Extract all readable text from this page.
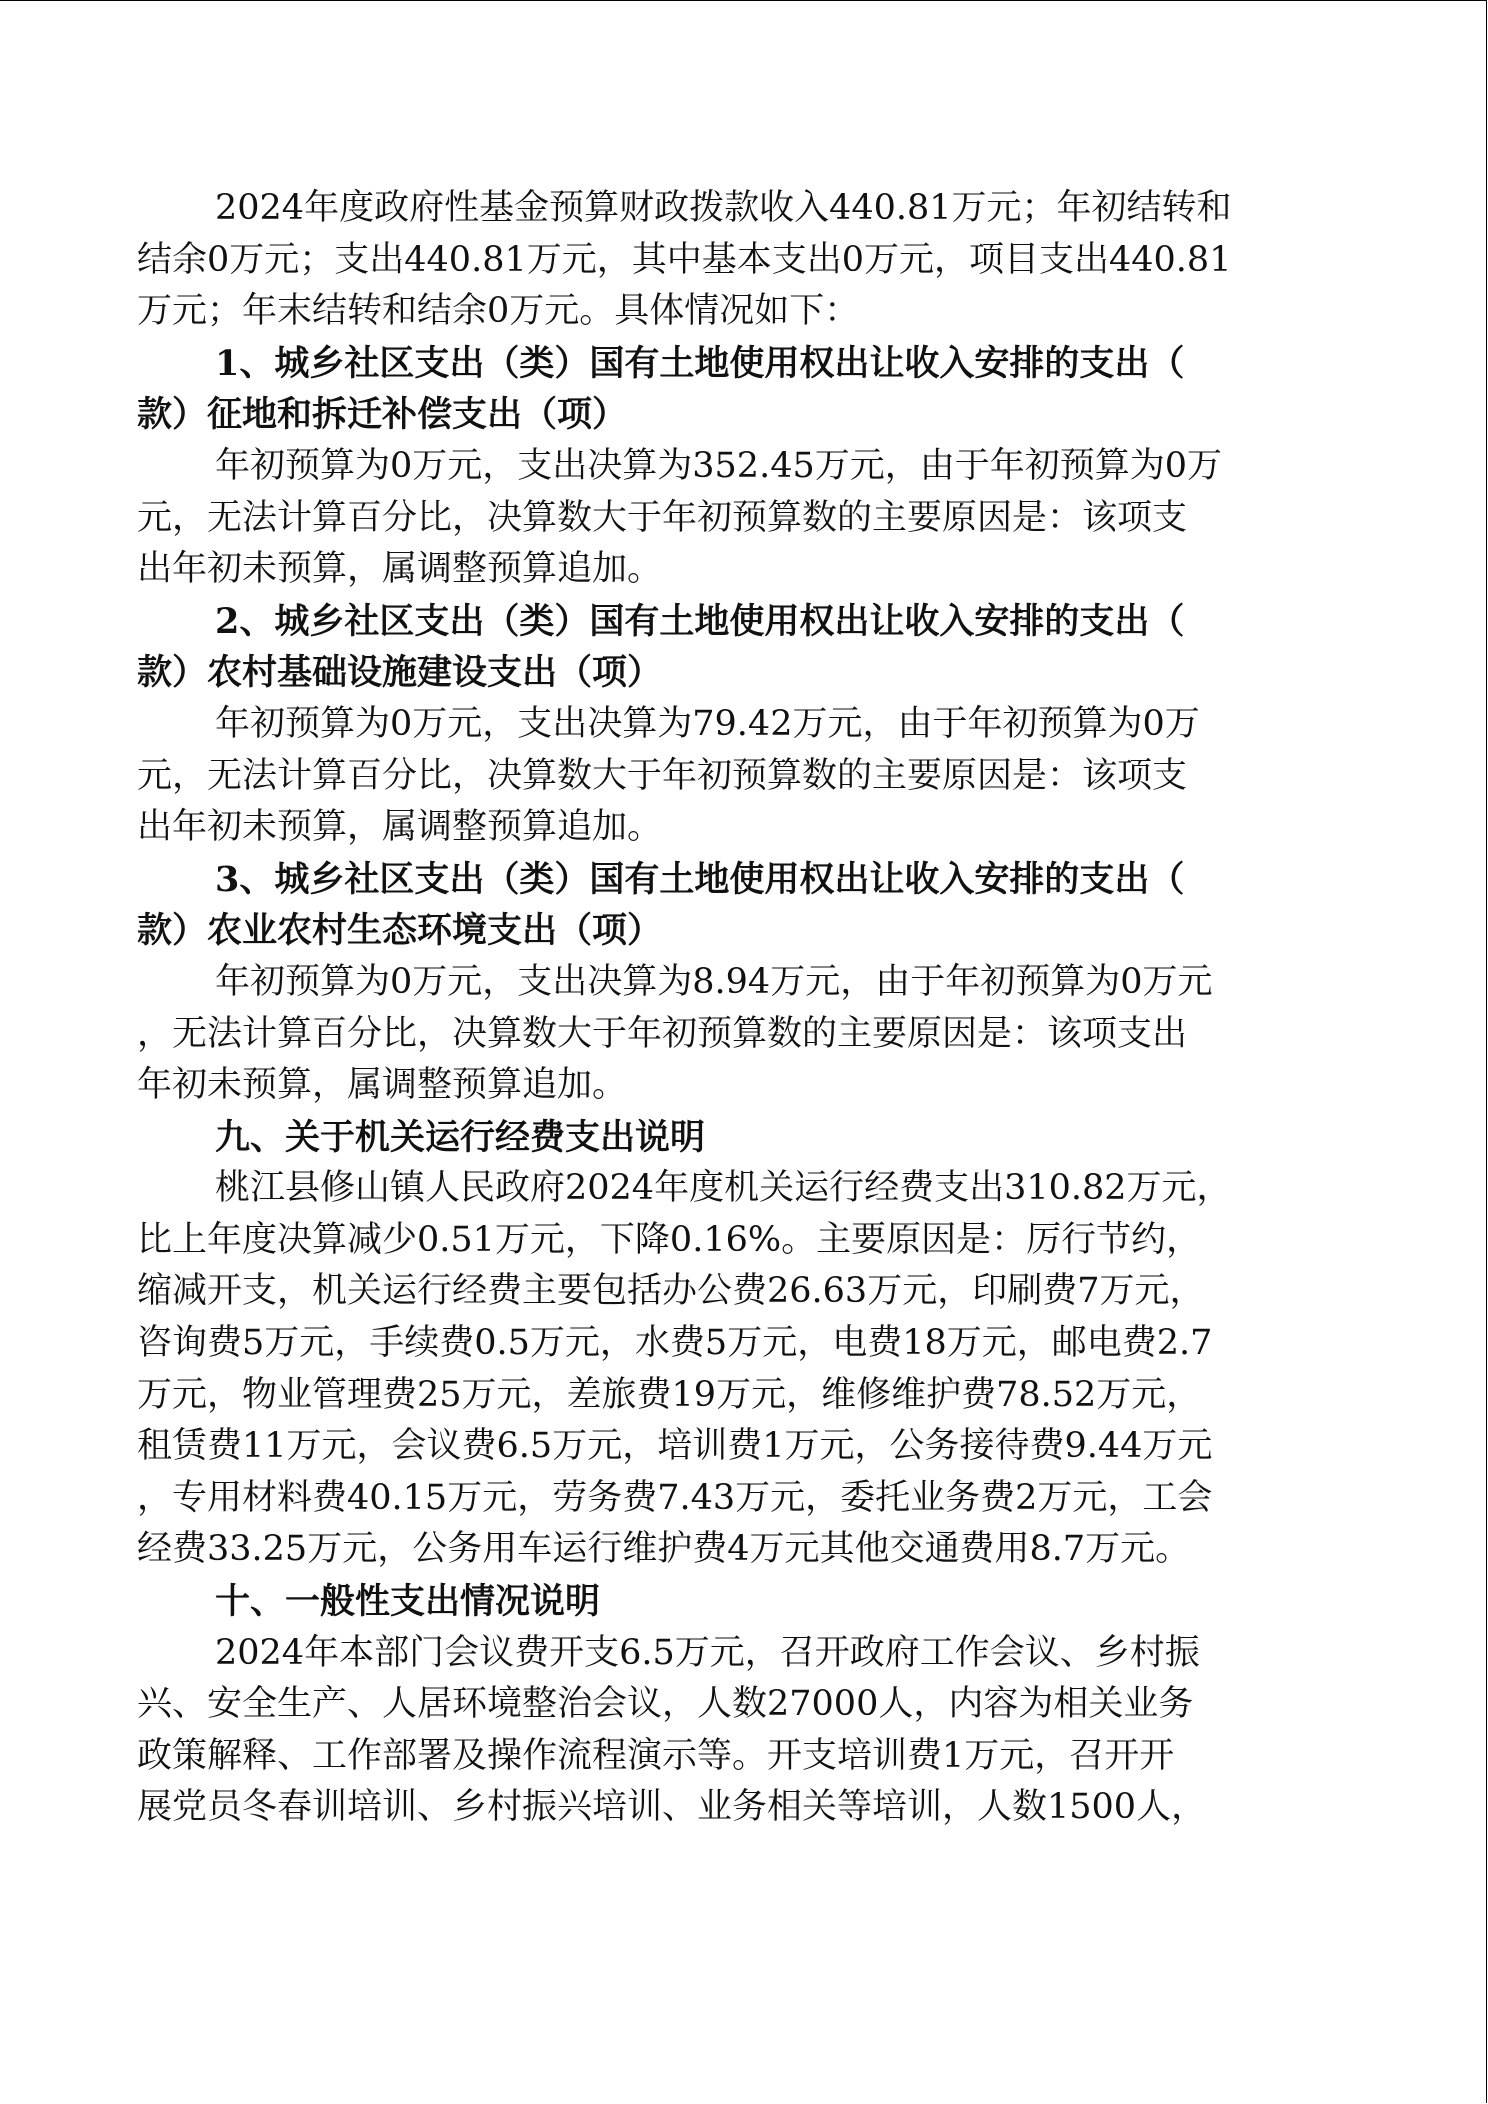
2024年度政府性基金预算财政拨款收入440.81万元；年初结转和
结余0万元；支出440.81万元，其中基本支出0万元，项目支出440.81
万元；年末结转和结余0万元。具体情况如下：
1、城乡社区支出（类）国有土地使用权出让收入安排的支出（
款）征地和拆迁补偿支出（项）
年初预算为0万元，支出决算为352.45万元，由于年初预算为0万
元，无法计算百分比，决算数大于年初预算数的主要原因是：该项支
出年初未预算，属调整预算追加。
2、城乡社区支出（类）国有土地使用权出让收入安排的支出（
款）农村基础设施建设支出（项）
年初预算为0万元，支出决算为79.42万元，由于年初预算为0万
元，无法计算百分比，决算数大于年初预算数的主要原因是：该项支
出年初未预算，属调整预算追加。
3、城乡社区支出（类）国有土地使用权出让收入安排的支出（
款）农业农村生态环境支出（项）
年初预算为0万元，支出决算为8.94万元，由于年初预算为0万元
，无法计算百分比，决算数大于年初预算数的主要原因是：该项支出
年初未预算，属调整预算追加。
九、关于机关运行经费支出说明
桃江县修山镇人民政府2024年度机关运行经费支出310.82万元，
比上年度决算减少0.51万元，下降0.16%。主要原因是：厉行节约，
缩减开支，机关运行经费主要包括办公费26.63万元，印刷费7万元，
咨询费5万元，手续费0.5万元，水费5万元，电费18万元，邮电费2.7
万元，物业管理费25万元，差旅费19万元，维修维护费78.52万元，
租赁费11万元，会议费6.5万元，培训费1万元，公务接待费9.44万元
，专用材料费40.15万元，劳务费7.43万元，委托业务费2万元，工会
经费33.25万元，公务用车运行维护费4万元其他交通费用8.7万元。
十、一般性支出情况说明
2024年本部门会议费开支6.5万元，召开政府工作会议、乡村振
兴、安全生产、人居环境整治会议，人数27000人，内容为相关业务
政策解释、工作部署及操作流程演示等。开支培训费1万元，召开开
展党员冬春训培训、乡村振兴培训、业务相关等培训，人数1500人，
